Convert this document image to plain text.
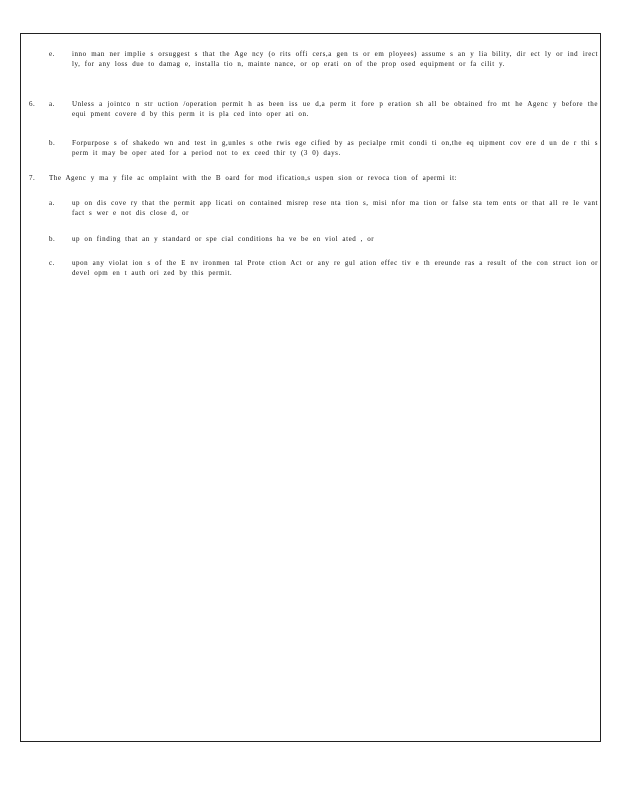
e. inno man ner implie s orsuggest s that the Age ncy (o rits offi cers,a gen ts or em ployees) assume s an y lia bility, dir ect ly or ind irect ly, for any loss due to damag e, installa tio n, mainte nance, or op erati on of the prop osed equipment or fa cilit y.
6. a. Unless a jointco n str uction /operation permit h as been iss ue d,a perm it fore p eration sh all be obtained fro mt he Agenc y before the equi pment covere d by this perm it is pla ced into oper ati on.
b. Forpurpose s of shakedo wn and test in g,unles s othe rwis ege cified by as pecialpe rmit condi ti on,the eq uipment cov ere d un de r thi s perm it may be oper ated for a period not to ex ceed thir ty (3 0) days.
7. The Agenc y ma y file ac omplaint with the B oard for mod ification,s uspen sion or revoca tion of apermi it:
a. up on dis cove ry that the permit app licati on contained misrep rese nta tion s, misi nfor ma tion or false sta tem ents or that all re le vant fact s wer e not dis close d, or
b. up on finding that an y standard or spe cial conditions ha ve be en viol ated , or
c. upon any violat ion s of the E nv ironmen tal Prote ction Act or any re gul ation effec tiv e th ereunde ras a result of the con struct ion or devel opm en t auth ori zed by this permit.
